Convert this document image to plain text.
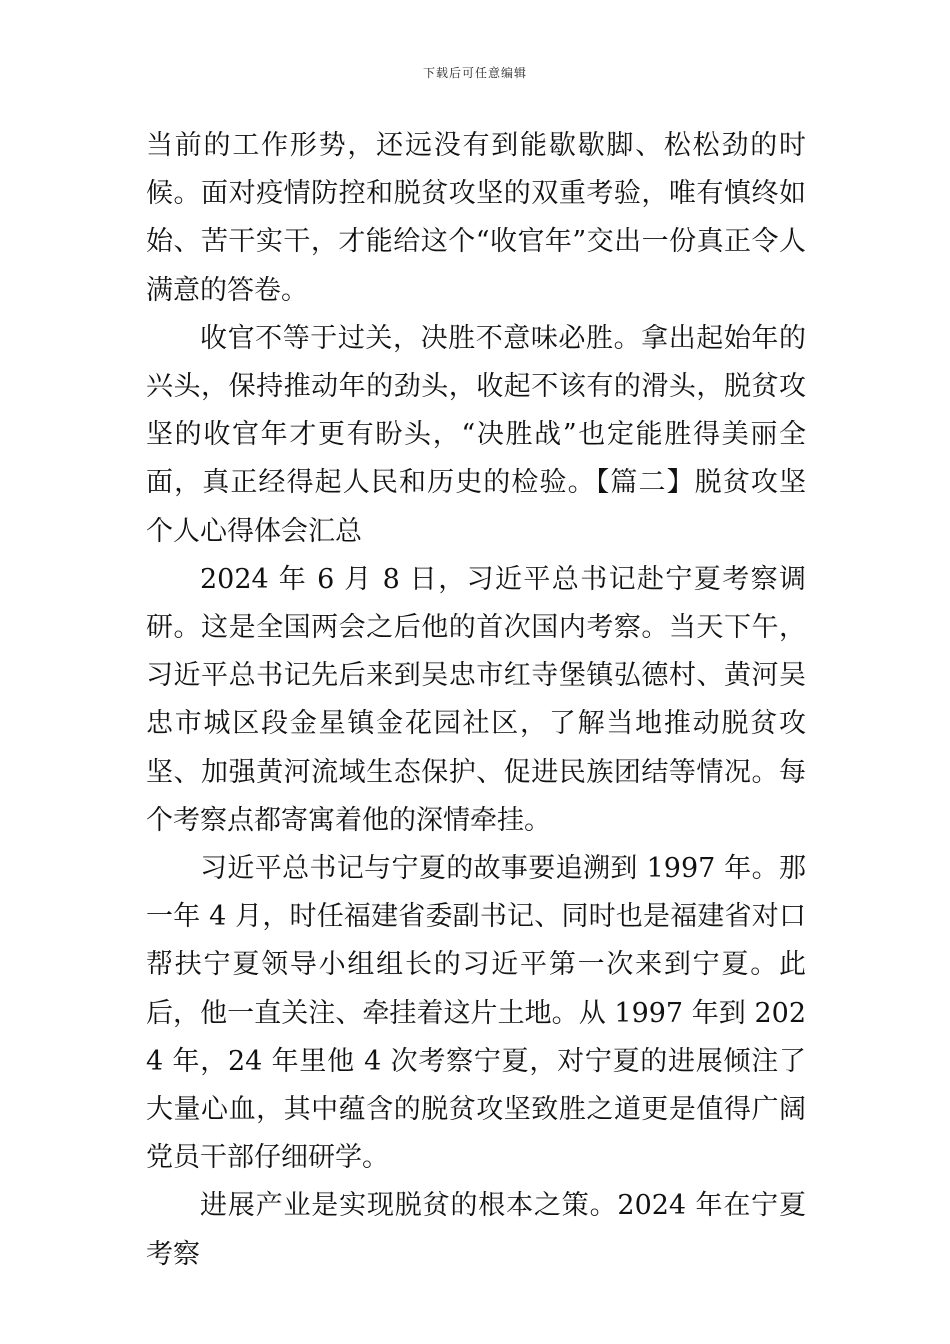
下载后可任意编辑

当前的工作形势，还远没有到能歇歇脚、松松劲的时候。面对疫情防控和脱贫攻坚的双重考验，唯有慎终如始、苦干实干，才能给这个“收官年”交出一份真正令人满意的答卷。

收官不等于过关，决胜不意味必胜。拿出起始年的兴头，保持推动年的劲头，收起不该有的滑头，脱贫攻坚的收官年才更有盼头，“决胜战”也定能胜得美丽全面，真正经得起人民和历史的检验。【篇二】脱贫攻坚个人心得体会汇总

2024 年 6 月 8 日，习近平总书记赴宁夏考察调研。这是全国两会之后他的首次国内考察。当天下午，习近平总书记先后来到吴忠市红寺堡镇弘德村、黄河吴忠市城区段金星镇金花园社区，了解当地推动脱贫攻坚、加强黄河流域生态保护、促进民族团结等情况。每个考察点都寄寓着他的深情牵挂。

习近平总书记与宁夏的故事要追溯到 1997 年。那一年 4 月，时任福建省委副书记、同时也是福建省对口帮扶宁夏领导小组组长的习近平第一次来到宁夏。此后，他一直关注、牵挂着这片土地。从 1997 年到 2024 年，24 年里他 4 次考察宁夏，对宁夏的进展倾注了大量心血，其中蕴含的脱贫攻坚致胜之道更是值得广阔党员干部仔细研学。

进展产业是实现脱贫的根本之策。2024 年在宁夏考察
